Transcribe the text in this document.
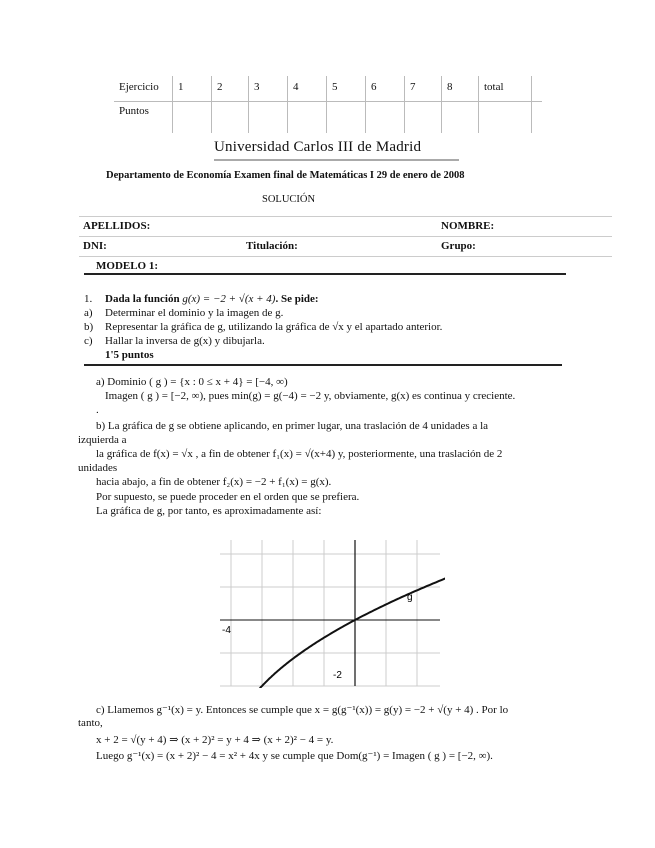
Ejercicio	1	2	3	4	5	6	7	8	total	
Puntos										
Universidad Carlos III de Madrid
Departamento de Economía Examen final de Matemáticas I 29 de enero de 2008
SOLUCIÓN
APELLIDOS:	NOMBRE:
DNI:	Titulación:	Grupo:
MODELO 1:
1. Dada la función g(x) = −2 + √(x + 4). Se pide:
a) Determinar el dominio y la imagen de g.
b) Representar la gráfica de g, utilizando la gráfica de √x y el apartado anterior.
c) Hallar la inversa de g(x) y dibujarla.
1'5 puntos
a) Dominio ( g ) = {x : 0 ≤ x + 4} = [−4, ∞)
Imagen ( g ) = [−2, ∞), pues min(g) = g(−4) = −2 y, obviamente, g(x) es continua y creciente.
.
b) La gráfica de g se obtiene aplicando, en primer lugar, una traslación de 4 unidades a la
izquierda a
la gráfica de f(x) = √x , a fin de obtener f₁(x) = √(x+4) y, posteriormente, una traslación de 2
unidades
hacia abajo, a fin de obtener f₂(x) = −2 + f₁(x) = g(x).
Por supuesto, se puede proceder en el orden que se prefiera.
La gráfica de g, por tanto, es aproximadamente así:
-4
-2
g
c) Llamemos g⁻¹(x) = y. Entonces se cumple que x = g(g⁻¹(x)) = g(y) = −2 + √(y + 4) . Por lo
tanto,
x + 2 = √(y + 4) ⇒ (x + 2)² = y + 4 ⇒ (x + 2)² − 4 = y.
Luego g⁻¹(x) = (x + 2)² − 4 = x² + 4x y se cumple que Dom(g⁻¹) = Imagen ( g ) = [−2, ∞).
